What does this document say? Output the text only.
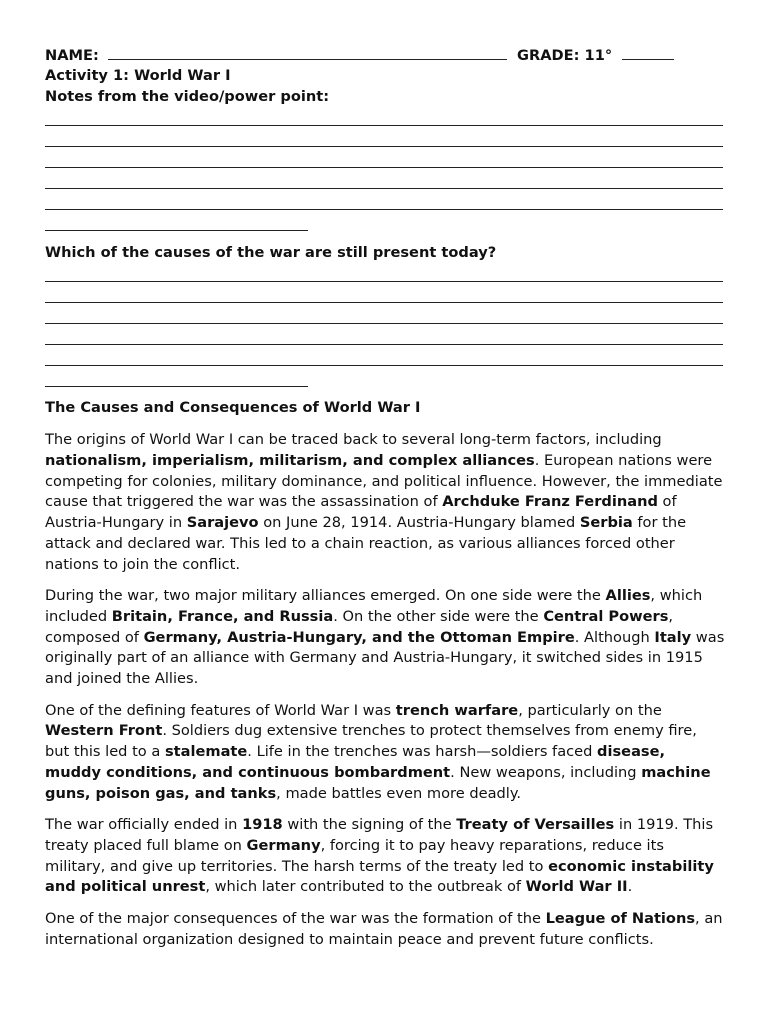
NAME:	GRADE: 11°
Activity 1: World War I
Notes from the video/power point:
Which of the causes of the war are still present today?
The Causes and Consequences of World War I

The origins of World War I can be traced back to several long-term factors, including nationalism, imperialism, militarism, and complex alliances. European nations were competing for colonies, military dominance, and political influence. However, the immediate cause that triggered the war was the assassination of Archduke Franz Ferdinand of Austria-Hungary in Sarajevo on June 28, 1914. Austria-Hungary blamed Serbia for the attack and declared war. This led to a chain reaction, as various alliances forced other nations to join the conflict.

During the war, two major military alliances emerged. On one side were the Allies, which included Britain, France, and Russia. On the other side were the Central Powers, composed of Germany, Austria-Hungary, and the Ottoman Empire. Although Italy was originally part of an alliance with Germany and Austria-Hungary, it switched sides in 1915 and joined the Allies.

One of the defining features of World War I was trench warfare, particularly on the Western Front. Soldiers dug extensive trenches to protect themselves from enemy fire, but this led to a stalemate. Life in the trenches was harsh—soldiers faced disease, muddy conditions, and continuous bombardment. New weapons, including machine guns, poison gas, and tanks, made battles even more deadly.

The war officially ended in 1918 with the signing of the Treaty of Versailles in 1919. This treaty placed full blame on Germany, forcing it to pay heavy reparations, reduce its military, and give up territories. The harsh terms of the treaty led to economic instability and political unrest, which later contributed to the outbreak of World War II.

One of the major consequences of the war was the formation of the League of Nations, an international organization designed to maintain peace and prevent future conflicts.
